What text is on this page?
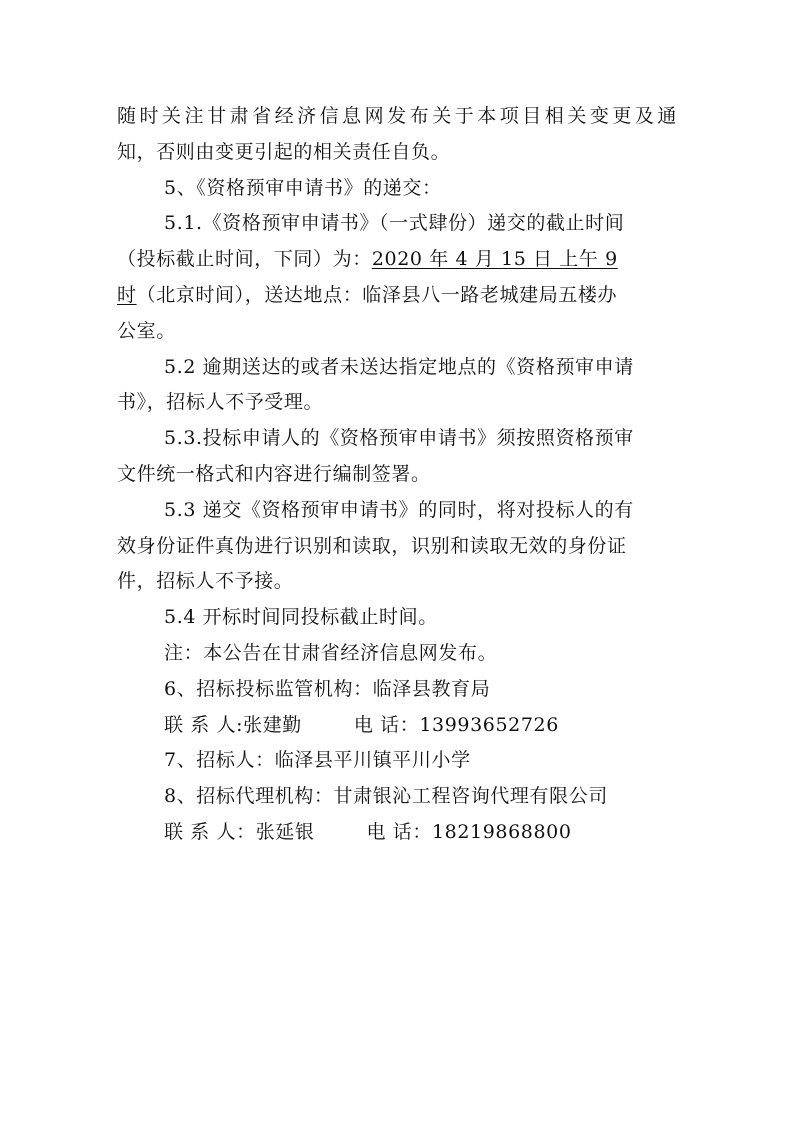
随时关注甘肃省经济信息网发布关于本项目相关变更及通
知，否则由变更引起的相关责任自负。
5、《资格预审申请书》的递交：
5.1.《资格预审申请书》（一式肆份）递交的截止时间
（投标截止时间，下同）为：2020 年 4 月 15 日 上午 9
时（北京时间），送达地点：临泽县八一路老城建局五楼办
公室。
5.2 逾期送达的或者未送达指定地点的《资格预审申请
书》，招标人不予受理。
5.3.投标申请人的《资格预审申请书》须按照资格预审
文件统一格式和内容进行编制签署。
5.3 递交《资格预审申请书》的同时，将对投标人的有
效身份证件真伪进行识别和读取，识别和读取无效的身份证
件，招标人不予接。
5.4 开标时间同投标截止时间。
注：本公告在甘肃省经济信息网发布。
6、招标投标监管机构：临泽县教育局
联 系 人:张建勤	电 话：13993652726
7、招标人：临泽县平川镇平川小学
8、招标代理机构：甘肃银沁工程咨询代理有限公司
联 系 人：张延银	电 话：18219868800
